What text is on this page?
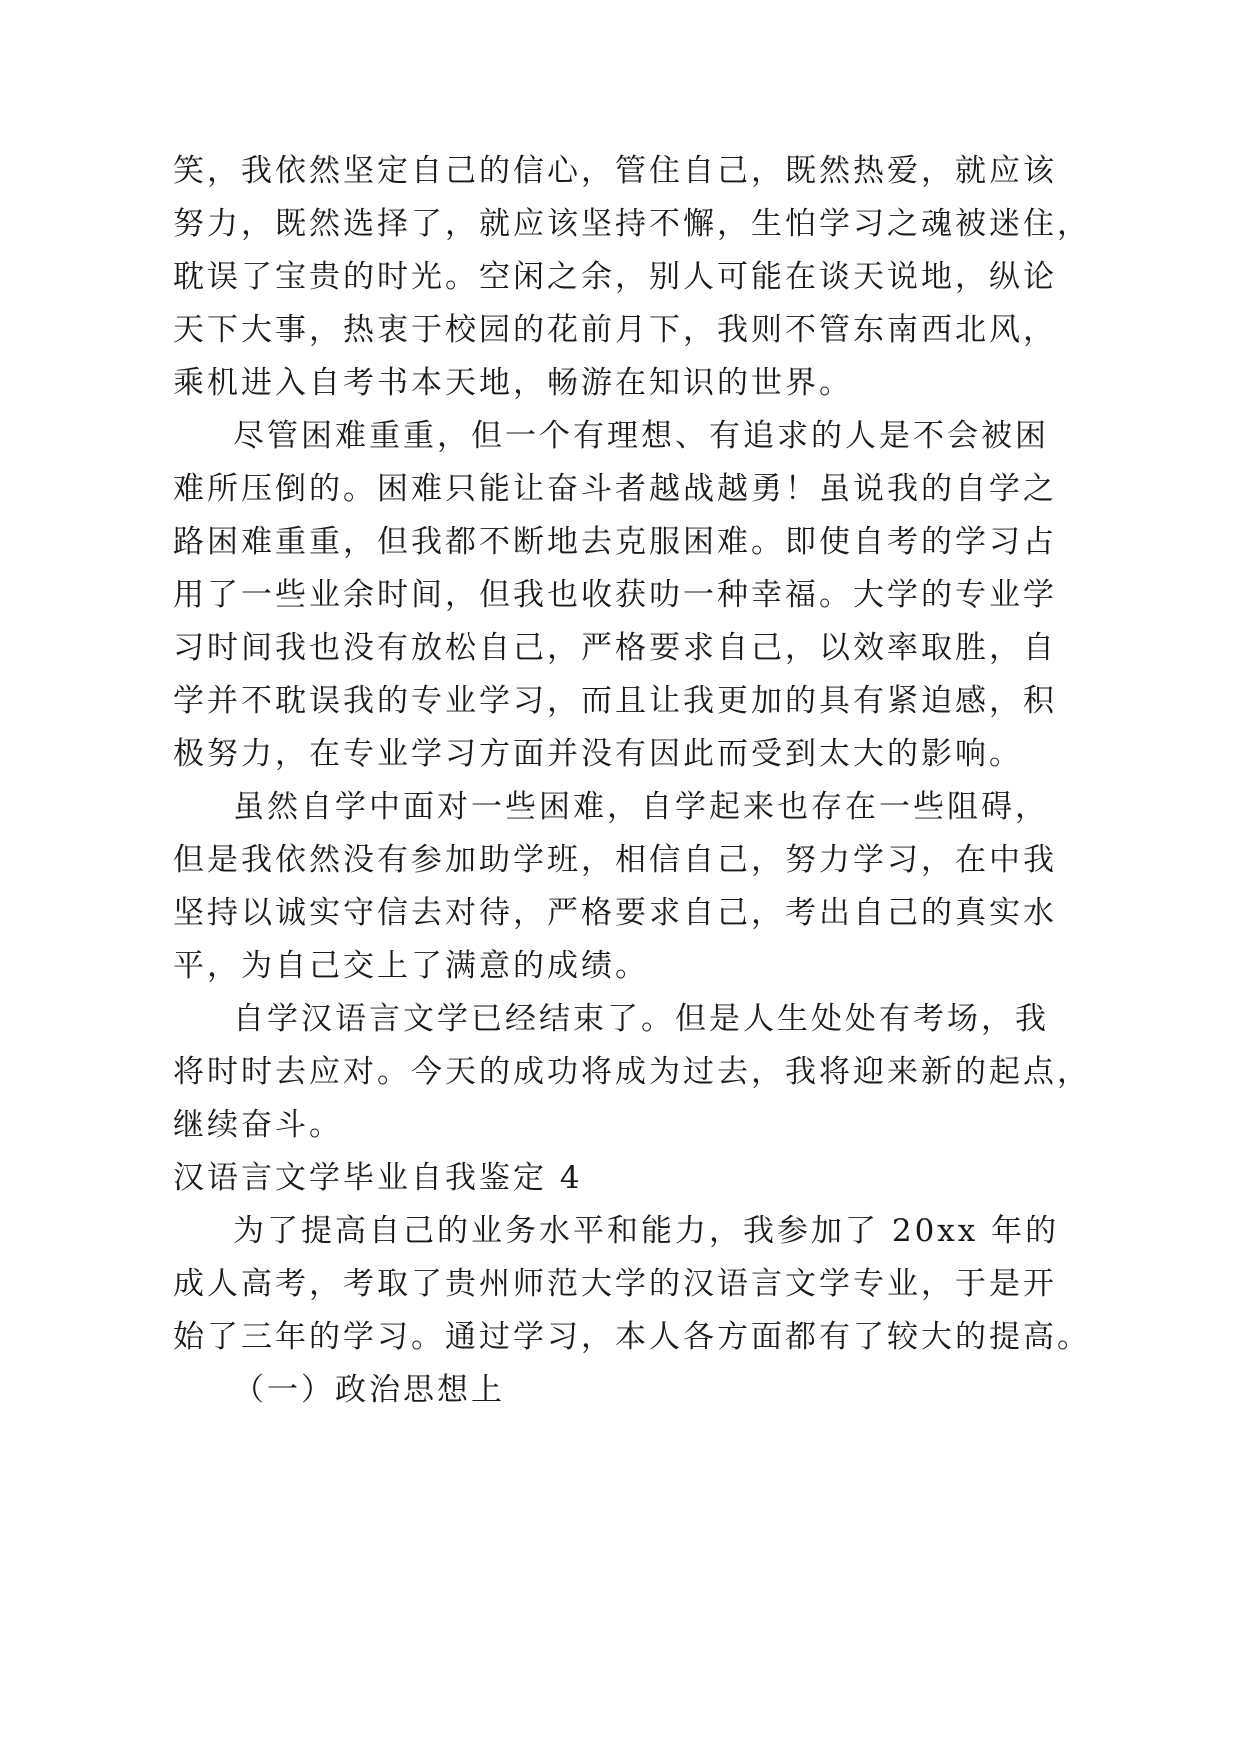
笑，我依然坚定自己的信心，管住自己，既然热爱，就应该
努力，既然选择了，就应该坚持不懈，生怕学习之魂被迷住，
耽误了宝贵的时光。空闲之余，别人可能在谈天说地，纵论
天下大事，热衷于校园的花前月下，我则不管东南西北风，
乘机进入自考书本天地，畅游在知识的世界。
尽管困难重重，但一个有理想、有追求的人是不会被困
难所压倒的。困难只能让奋斗者越战越勇！虽说我的自学之
路困难重重，但我都不断地去克服困难。即使自考的学习占
用了一些业余时间，但我也收获叻一种幸福。大学的专业学
习时间我也没有放松自己，严格要求自己，以效率取胜，自
学并不耽误我的专业学习，而且让我更加的具有紧迫感，积
极努力，在专业学习方面并没有因此而受到太大的影响。
虽然自学中面对一些困难，自学起来也存在一些阻碍，
但是我依然没有参加助学班，相信自己，努力学习，在中我
坚持以诚实守信去对待，严格要求自己，考出自己的真实水
平，为自己交上了满意的成绩。
自学汉语言文学已经结束了。但是人生处处有考场，我
将时时去应对。今天的成功将成为过去，我将迎来新的起点，
继续奋斗。
汉语言文学毕业自我鉴定 4
为了提高自己的业务水平和能力，我参加了 20xx 年的
成人高考，考取了贵州师范大学的汉语言文学专业，于是开
始了三年的学习。通过学习，本人各方面都有了较大的提高。
（一）政治思想上
